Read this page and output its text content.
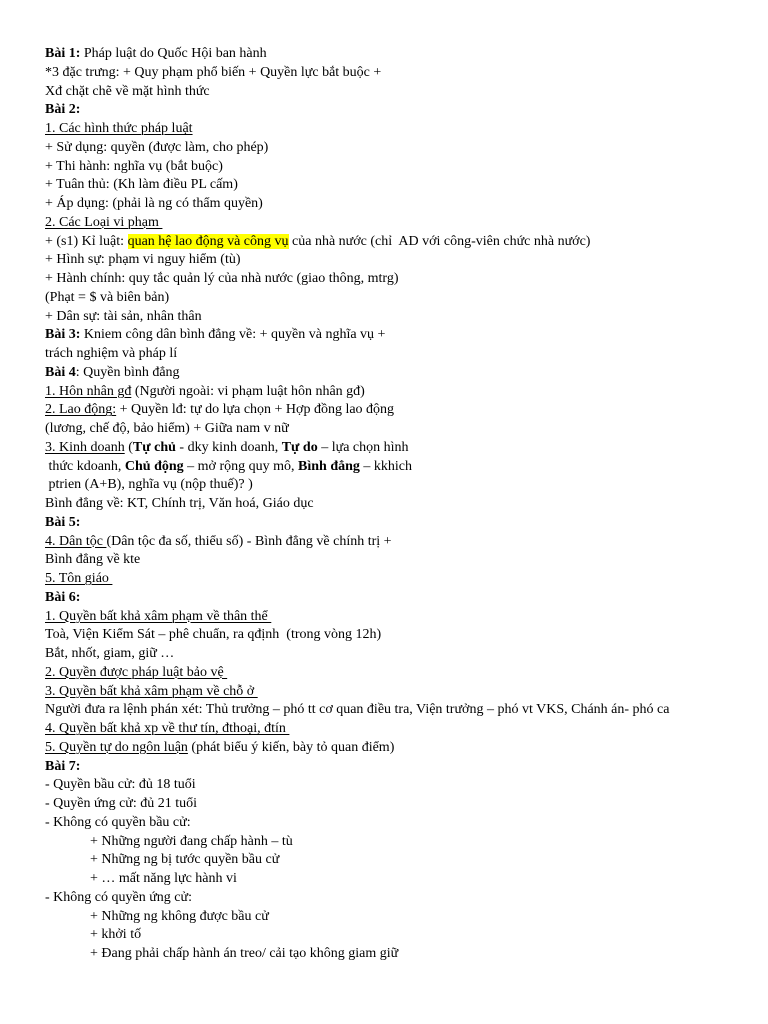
Bài 1: Pháp luật do Quốc Hội ban hành
*3 đặc trưng: + Quy phạm phổ biến + Quyền lực bắt buộc +
Xđ chặt chẽ về mặt hình thức
Bài 2:
1. Các hình thức pháp luật
+ Sử dụng: quyền (được làm, cho phép)
+ Thi hành: nghĩa vụ (bắt buộc)
+ Tuân thủ: (Kh làm điều PL cấm)
+ Áp dụng: (phải là ng có thẩm quyền)
2. Các Loại vi phạm
+ (s1) Kỉ luật: quan hệ lao động và công vụ của nhà nước (chỉ  AD với công-viên chức nhà nước)
+ Hình sự: phạm vi nguy hiểm (tù)
+ Hành chính: quy tắc quản lý của nhà nước (giao thông, mtrg)
(Phạt = $ và biên bản)
+ Dân sự: tài sản, nhân thân
Bài 3: Kniem công dân bình đẳng về: + quyền và nghĩa vụ +
trách nghiệm và pháp lí
Bài 4: Quyền bình đẳng
1. Hôn nhân gđ (Người ngoài: vi phạm luật hôn nhân gđ)
2. Lao động: + Quyền lđ: tự do lựa chọn + Hợp đồng lao động
(lương, chế độ, bảo hiểm) + Giữa nam v nữ
3. Kinh doanh (Tự chủ - dky kinh doanh, Tự do – lựa chọn hình
thức kdoanh, Chủ động – mở rộng quy mô, Bình đẳng – kkhich
ptrien (A+B), nghĩa vụ (nộp thuế)? )
Bình đẳng về: KT, Chính trị, Văn hoá, Giáo dục
Bài 5:
4. Dân tộc (Dân tộc đa số, thiểu số) - Bình đẳng về chính trị +
Bình đẳng về kte
5. Tôn giáo
Bài 6:
1. Quyền bất khả xâm phạm về thân thể
Toà, Viện Kiểm Sát – phê chuẩn, ra qđịnh  (trong vòng 12h)
Bắt, nhốt, giam, giữ …
2. Quyền được pháp luật bảo vệ
3. Quyền bất khả xâm phạm về chỗ ở
Người đưa ra lệnh phán xét: Thủ trưởng – phó tt cơ quan điều tra, Viện trưởng – phó vt VKS, Chánh án- phó ca
4. Quyền bất khả xp về thư tín, đthoại, đtín
5. Quyền tự do ngôn luận (phát biểu ý kiến, bày tỏ quan điểm)
Bài 7:
- Quyền bầu cử: đủ 18 tuổi
- Quyền ứng cử: đủ 21 tuổi
- Không có quyền bầu cử:
+ Những người đang chấp hành – tù
+ Những ng bị tước quyền bầu cử
+ … mất năng lực hành vi
- Không có quyền ứng cử:
+ Những ng không được bầu cử
+ khởi tố
+ Đang phải chấp hành án treo/ cải tạo không giam giữ
